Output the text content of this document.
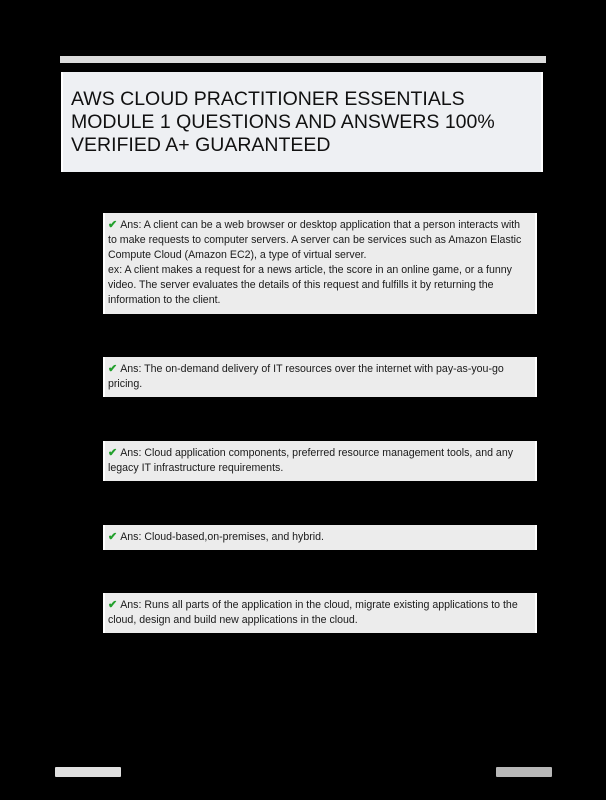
AWS CLOUD PRACTITIONER ESSENTIALS MODULE 1 QUESTIONS AND ANSWERS 100% VERIFIED A+ GUARANTEED
✔ Ans: A client can be a web browser or desktop application that a person interacts with to make requests to computer servers. A server can be services such as Amazon Elastic Compute Cloud (Amazon EC2), a type of virtual server.
ex: A client makes a request for a news article, the score in an online game, or a funny video. The server evaluates the details of this request and fulfills it by returning the information to the client.
✔ Ans: The on-demand delivery of IT resources over the internet with pay-as-you-go pricing.
✔ Ans: Cloud application components, preferred resource management tools, and any legacy IT infrastructure requirements.
✔ Ans: Cloud-based,on-premises, and hybrid.
✔ Ans: Runs all parts of the application in the cloud, migrate existing applications to the cloud, design and build new applications in the cloud.
